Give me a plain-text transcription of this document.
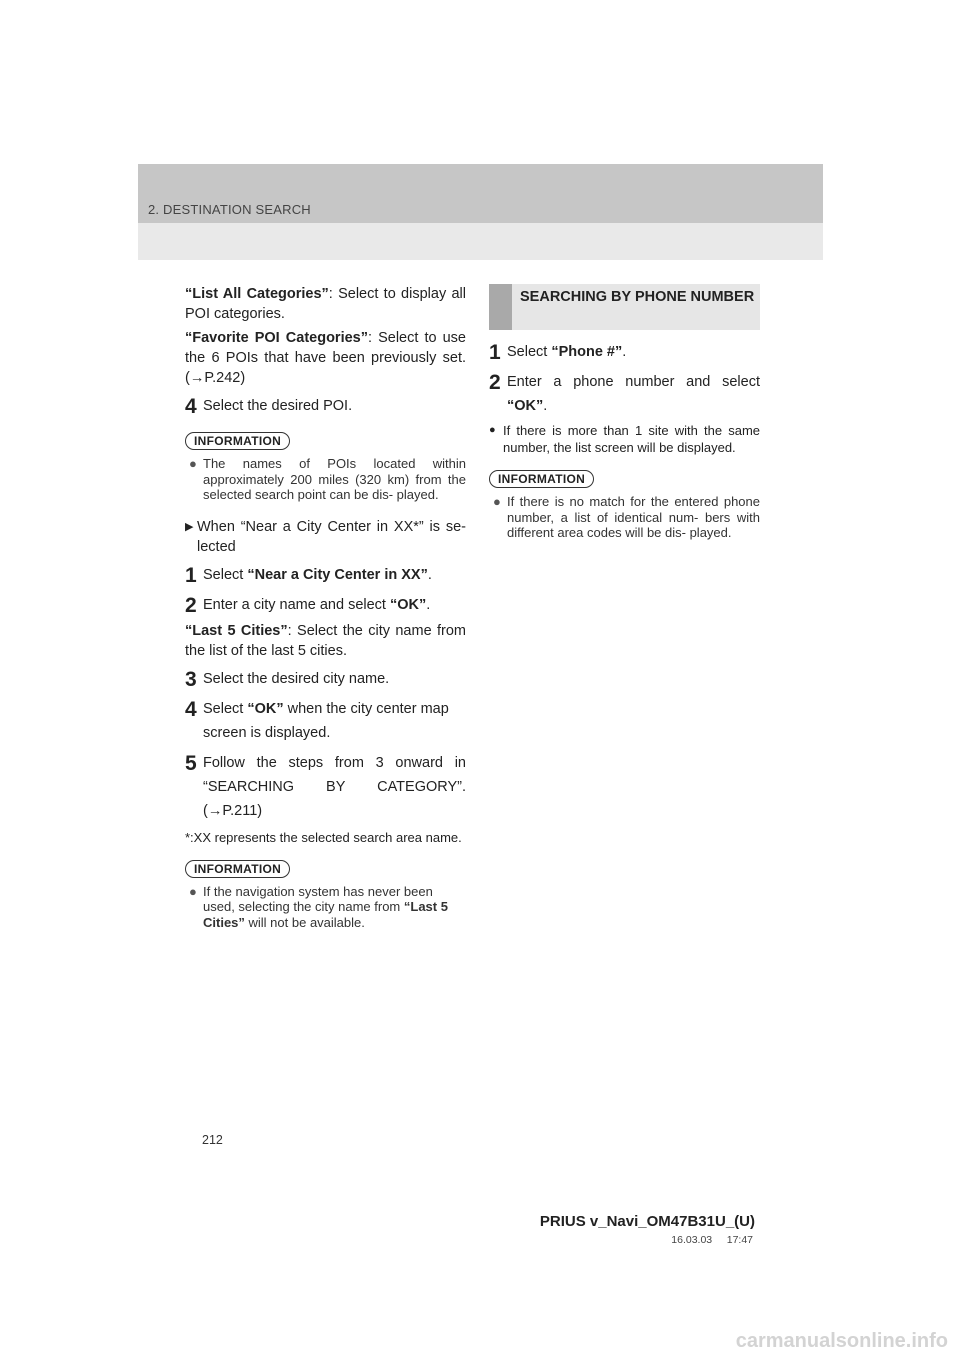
2. DESTINATION SEARCH

“List All Categories”: Select to display all POI categories.

“Favorite POI Categories”: Select to use the 6 POIs that have been previously set. (→P.242)

4 Select the desired POI.
INFORMATION
● The names of POIs located within approximately 200 miles (320 km) from the selected search point can be dis- played.
▶ When “Near a City Center in XX*” is se- lected
1 Select “Near a City Center in XX”.
2 Enter a city name and select “OK”.

“Last 5 Cities”: Select the city name from the list of the last 5 cities.

3 Select the desired city name.
4 Select “OK” when the city center map screen is displayed.
5 Follow the steps from 3 onward in “SEARCHING BY CATEGORY”. (→P.211)
*:XX represents the selected search area name.
INFORMATION
● If the navigation system has never been used, selecting the city name from “Last 5 Cities” will not be available.
SEARCHING BY PHONE NUMBER
1 Select “Phone #”.
2 Enter a phone number and select “OK”.
● If there is more than 1 site with the same number, the list screen will be displayed.
INFORMATION
● If there is no match for the entered phone number, a list of identical num- bers with different area codes will be dis- played.
212
PRIUS v_Navi_OM47B31U_(U)
16.03.03     17:47
carmanualsonline.info
